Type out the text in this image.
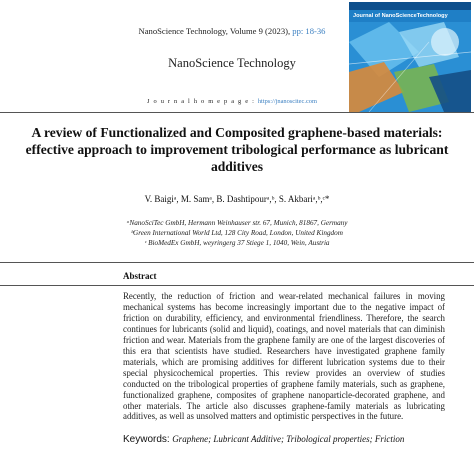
NanoScience Technology, Volume 9 (2023), pp: 18-36
NanoScience Technology
J o u r n a l h o m e p a g e : https://jnanoscitec.com
Journal of NanoScienceTechnology
A review of Functionalized and Composited graphene-based materials: effective approach to improvement tribological performance as lubricant additives
V. Baigiᵃ, M. Samᵃ, B. Dashtipourᵃ,ᵇ, S. Akbariᵃ,ᵇ,ᶜ*
ᵃNanoSciTec GmbH, Hermann Weinhauser str. 67, Munich, 81867, Germany
ᵇGreen International World Ltd, 128 City Road, London, United Kingdom
ᶜ BioMedEx GmbH, weyringerg 37 Stiege 1, 1040, Wein, Austria
Abstract
Recently, the reduction of friction and wear-related mechanical failures in moving mechanical systems has become increasingly important due to the negative impact of friction on durability, efficiency, and environmental friendliness. Therefore, the search continues for lubricants (solid and liquid), coatings, and novel materials that can diminish friction and wear. Materials from the graphene family are one of the largest discoveries of this era that scientists have studied. Researchers have investigated graphene family materials, which are promising additives for different lubrication systems due to their special physicochemical properties. This review provides an overview of studies conducted on the tribological properties of graphene family materials, such as graphene, functionalized graphene, composites of graphene nanoparticle-decorated graphene, and other materials. The article also discusses graphene-family materials as lubricating additives, as well as unsolved matters and optimistic perspectives in the future.
Keywords: Graphene; Lubricant Additive; Tribological properties; Friction
